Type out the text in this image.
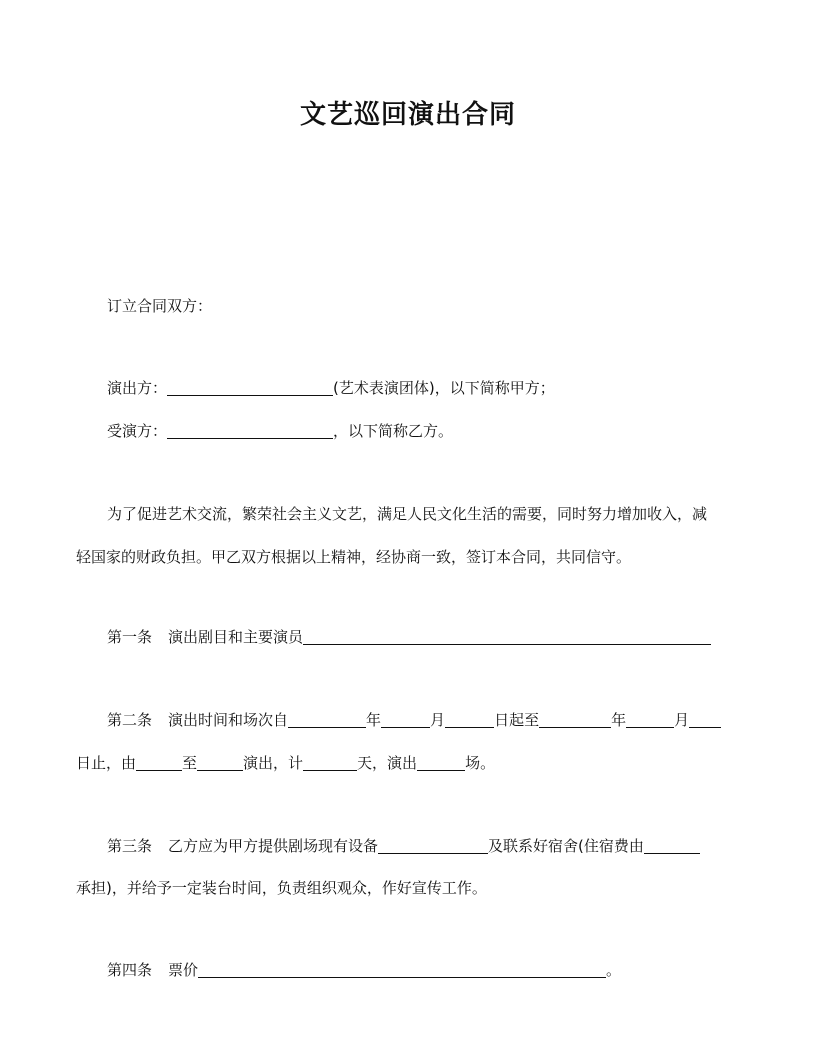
文艺巡回演出合同

订立合同双方：

演出方：	(艺术表演团体)，以下简称甲方；

受演方：	，以下简称乙方。

为了促进艺术交流，繁荣社会主义文艺，满足人民文化生活的需要，同时努力增加收入，减

轻国家的财政负担。甲乙双方根据以上精神，经协商一致，签订本合同，共同信守。

第一条 演出剧目和主要演员

第二条 演出时间和场次自	年	月	日起至	年	月

日止，由	至	演出，计	天，演出	场。

第三条 乙方应为甲方提供剧场现有设备	及联系好宿舍(住宿费由

承担)，并给予一定装台时间，负责组织观众，作好宣传工作。

第四条 票价	。
